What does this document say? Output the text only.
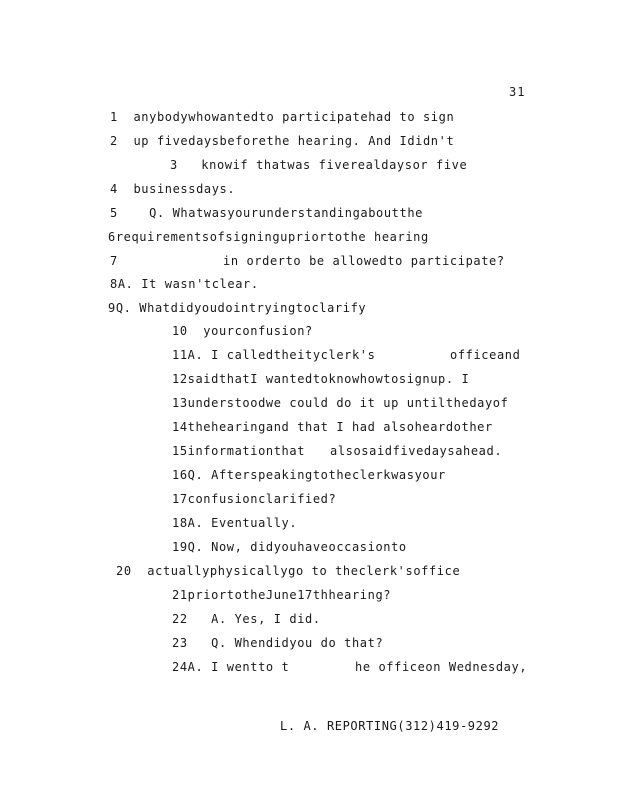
31
1  anybodywhowantedto participatehad to sign
2  up fivedaysbeforethe hearing. And Ididn't
3   knowif thatwas fiverealdaysor five
4  businessdays.
5    Q. Whatwasyourunderstandingaboutthe
6requirementsofsigningupriortothe hearing
7	in orderto be allowedto participate?
8A. It wasn'tclear.
9Q. Whatdidyoudointryingtoclarify
10  yourconfusion?
11A. I calledtheityclerk's	officeand
12saidthatI wantedtoknowhowtosignup. I
13understoodwe could do it up untilthedayof
14thehearingand that I had alsoheardother
15informationthat alsosaidfivedaysahead.
16Q. Afterspeakingtotheclerkwasyour
17confusionclarified?
18A. Eventually.
19Q. Now, didyouhaveoccasionto
20  actuallyphysicallygo to theclerk'soffice
21priortotheJune17thhearing?
22   A. Yes, I did.
23   Q. Whendidyou do that?
24A. I wentto t	he officeon Wednesday,
L. A. REPORTING(312)419-9292
